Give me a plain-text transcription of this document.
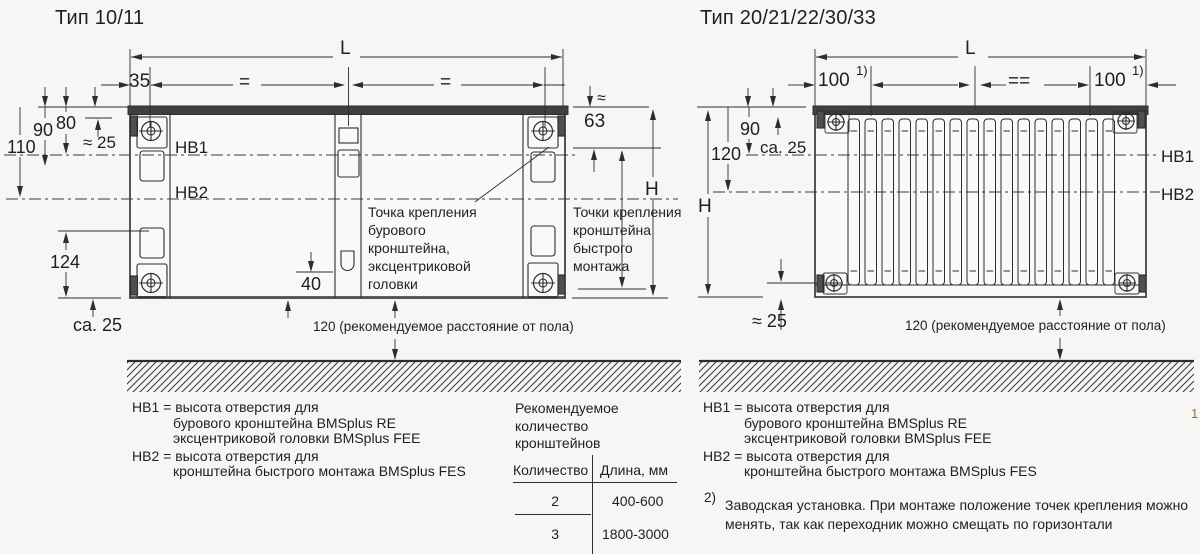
Тип 10/11
L
35	=	=
90 80
110	≈ 25	HB1
HB2
≈
63
H
124
ca. 25
40
120 (рекомендуемое расстояние от пола)
Точка крепления
бурового
кронштейна,
эксцентриковой
головки
Точки крепления
кронштейна
быстрого
монтажа
Тип 20/21/22/30/33
L
100 1)
==	100 1)
90
120 ca. 25
H
HB1
HB2
≈ 25	120 (рекомендуемое расстояние от пола)
HB1 = высота отверстия для
бурового кронштейна BMSplus RE
эксцентриковой головки BMSplus FEE
HB2 = высота отверстия для
кронштейна быстрого монтажа BMSplus FES
HB1 = высота отверстия для
бурового кронштейна BMSplus RE
эксцентриковой головки BMSplus FEE
HB2 = высота отверстия для
кронштейна быстрого монтажа BMSplus FES
Рекомендуемое
количество
кронштейнов
Количество Длина, мм
2	400-600
3	1800-3000
2) Заводская установка. При монтаже положение точек крепления можно
менять, так как переходник можно смещать по горизонтали
1
